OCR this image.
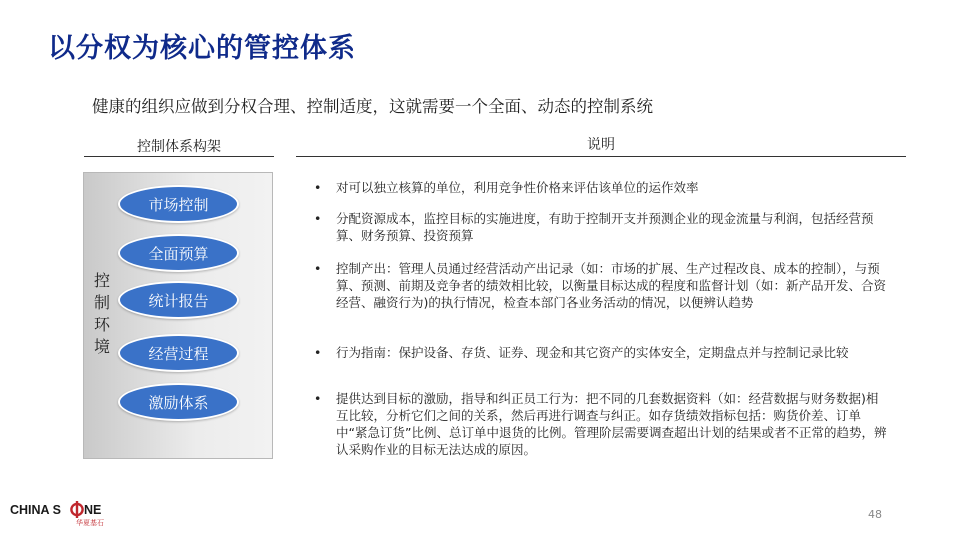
以分权为核心的管控体系
健康的组织应做到分权合理、控制适度，这就需要一个全面、动态的控制系统
控制体系构架	说明
控
制
环
境
市场控制
全面预算
统计报告
经营过程
激励体系
• 对可以独立核算的单位，利用竞争性价格来评估该单位的运作效率
• 分配资源成本，监控目标的实施进度，有助于控制开支并预测企业的现金流量与利润，包括经营预算、财务预算、投资预算
• 控制产出：管理人员通过经营活动产出记录（如：市场的扩展、生产过程改良、成本的控制），与预算、预测、前期及竞争者的绩效相比较，以衡量目标达成的程度和监督计划（如：新产品开发、合资经营、融资行为)的执行情况，检查本部门各业务活动的情况，以便辨认趋势
• 行为指南：保护设备、存货、证券、现金和其它资产的实体安全，定期盘点并与控制记录比较
• 提供达到目标的激励，指导和纠正员工行为：把不同的几套数据资料（如：经营数据与财务数据)相互比较，分析它们之间的关系，然后再进行调查与纠正。如存货绩效指标包括：购货价差、订单中“紧急订货”比例、总订单中退货的比例。管理阶层需要调查超出计划的结果或者不正常的趋势，辨认采购作业的目标无法达成的原因。
48
CHINA S NE
华夏基石
